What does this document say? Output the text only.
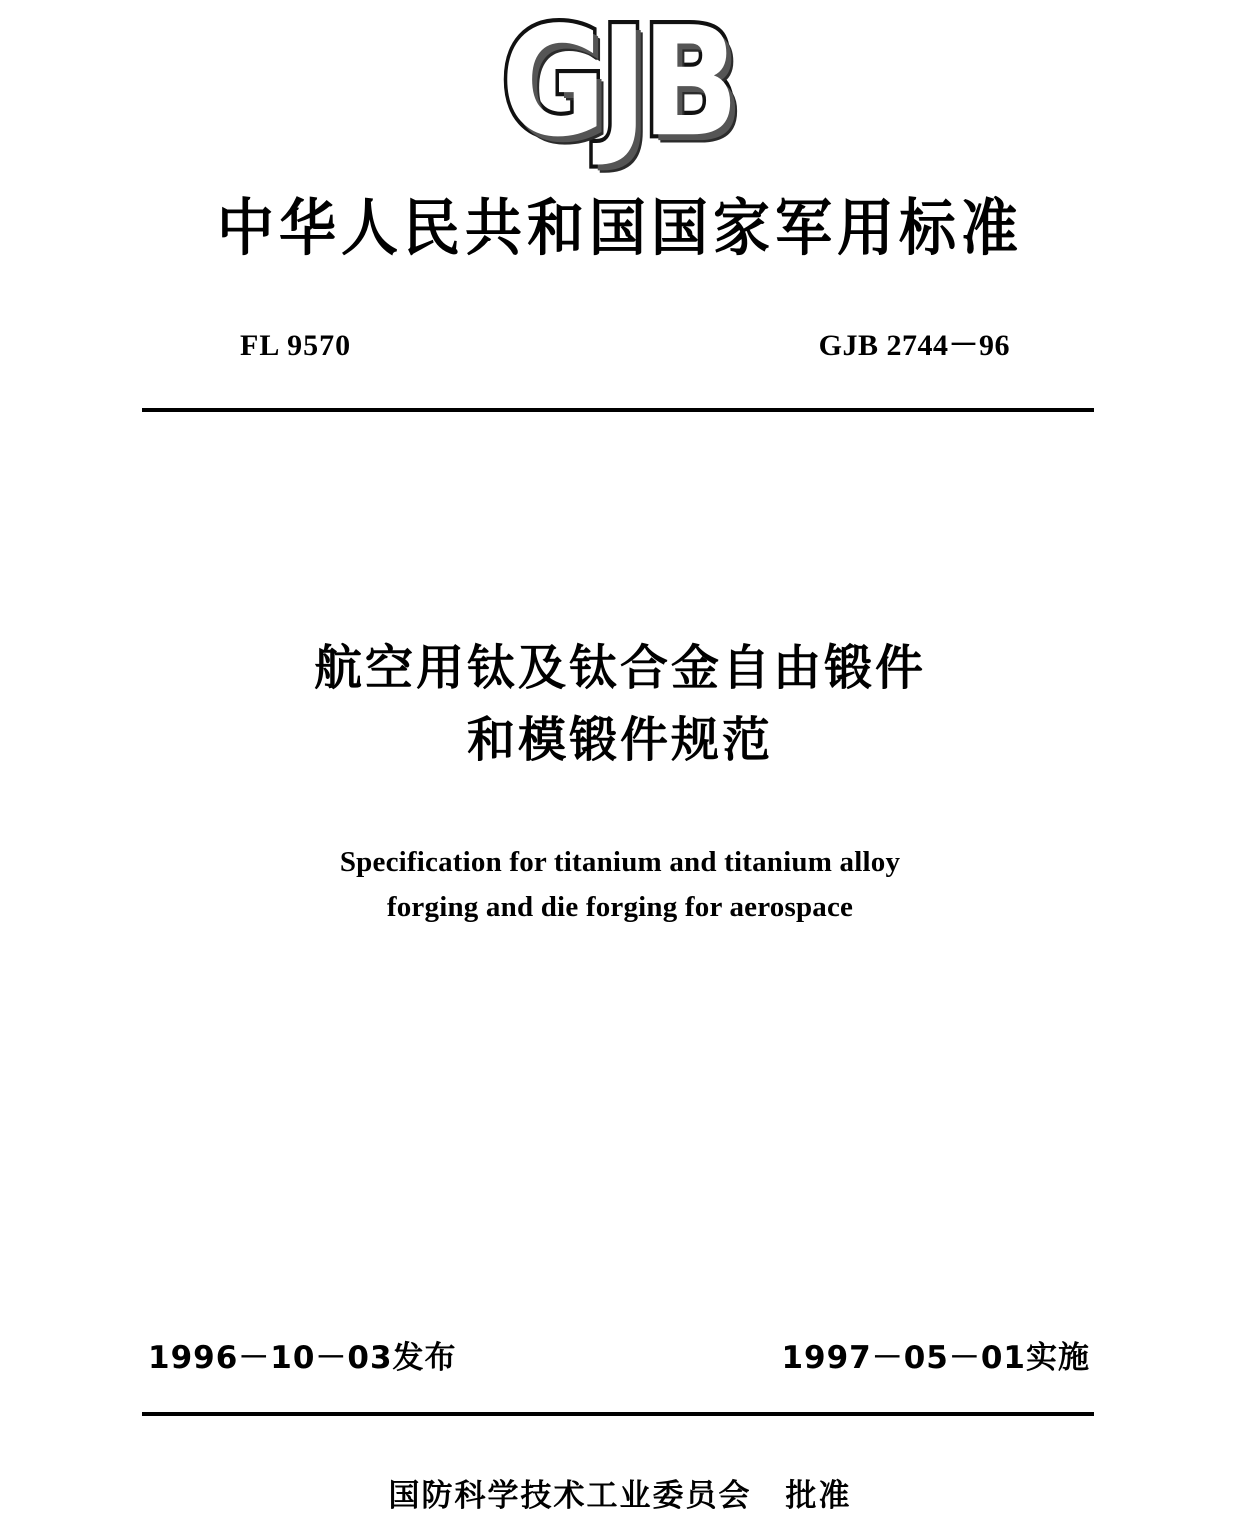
GJB
中华人民共和国国家军用标准
FL 9570	GJB 2744－96
航空用钛及钛合金自由锻件
和模锻件规范
Specification for titanium and titanium alloy
forging and die forging for aerospace
1996－10－03发布	1997－05－01实施
国防科学技术工业委员会 批准
